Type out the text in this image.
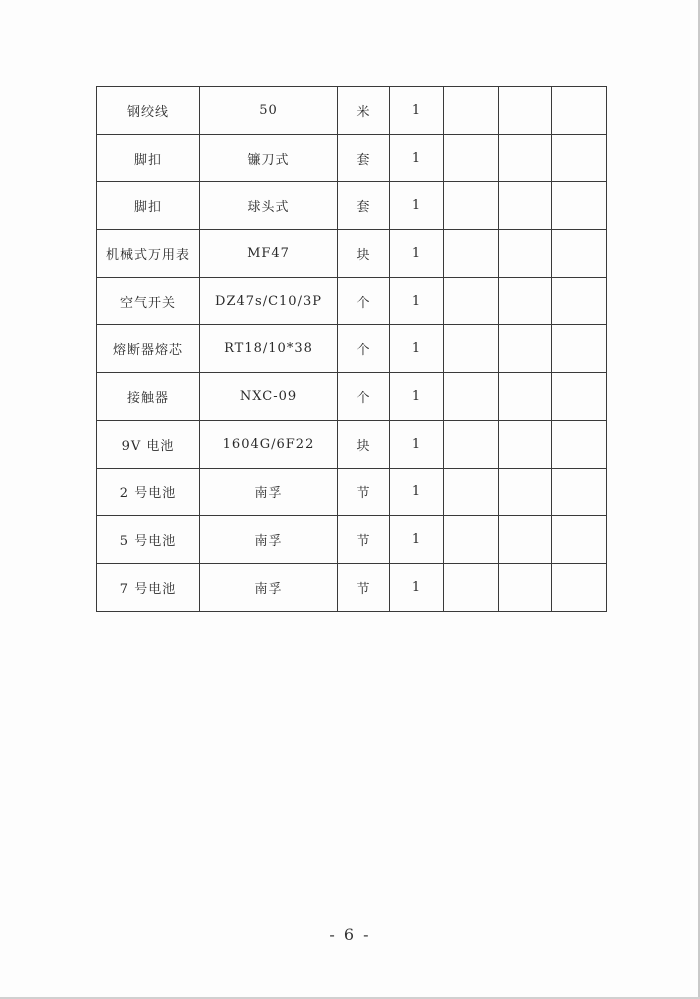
钢绞线	50	米	1			
脚扣	镰刀式	套	1			
脚扣	球头式	套	1			
机械式万用表	MF47	块	1			
空气开关	DZ47s/C10/3P	个	1			
熔断器熔芯	RT18/10*38	个	1			
接触器	NXC-09	个	1			
9V 电池	1604G/6F22	块	1			
2 号电池	南孚	节	1			
5 号电池	南孚	节	1			
7 号电池	南孚	节	1			
- 6 -
